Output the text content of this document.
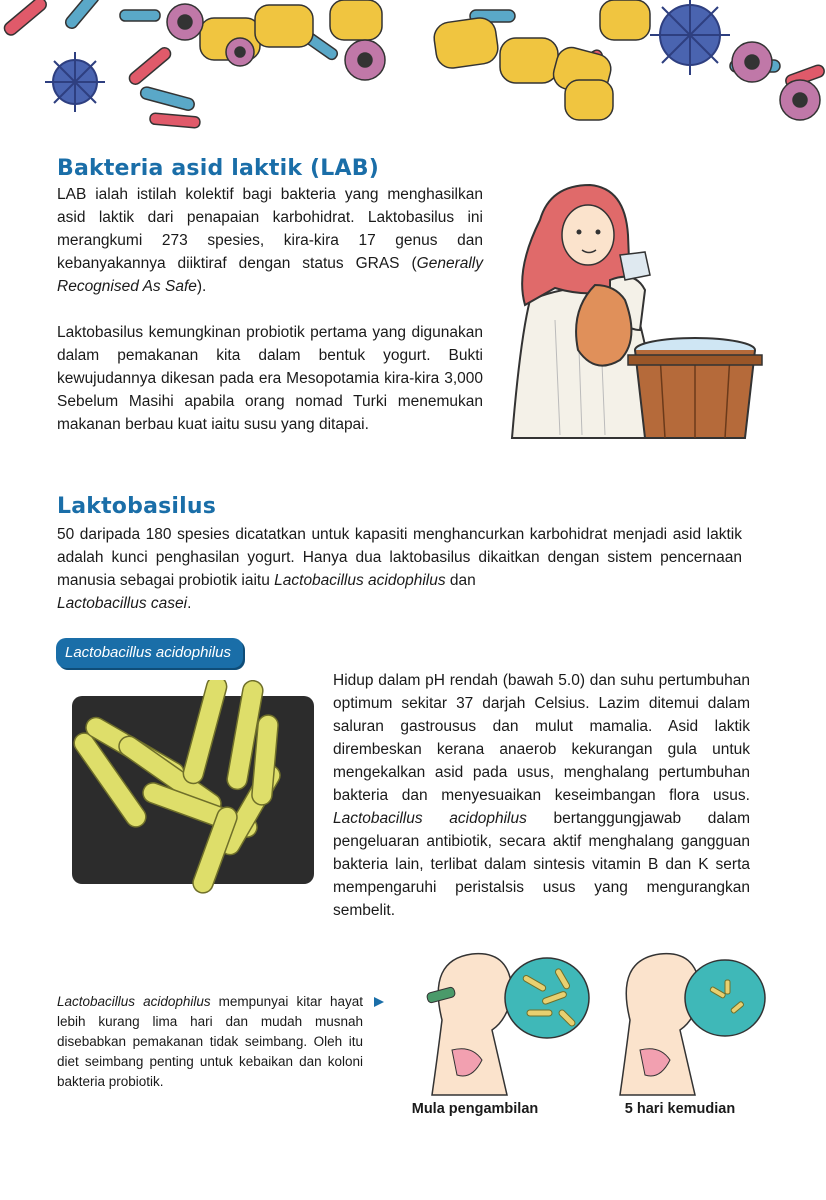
Bakteria asid laktik (LAB)
LAB ialah istilah kolektif bagi bakteria yang menghasilkan asid laktik dari penapaian karbohidrat. Laktobasilus ini merangkumi 273 spesies, kira-kira 17 genus dan kebanyakannya diiktiraf dengan status GRAS (Generally Recognised As Safe).
Laktobasilus kemungkinan probiotik pertama yang digunakan dalam pemakanan kita dalam bentuk yogurt. Bukti kewujudannya dikesan pada era Mesopotamia kira-kira 3,000 Sebelum Masihi apabila orang nomad Turki menemukan makanan berbau kuat iaitu susu yang ditapai.
Laktobasilus
50 daripada 180 spesies dicatatkan untuk kapasiti menghancurkan karbohidrat menjadi asid laktik adalah kunci penghasilan yogurt. Hanya dua laktobasilus dikaitkan dengan sistem pencernaan manusia sebagai probiotik iaitu Lactobacillus acidophilus dan
Lactobacillus casei.
Lactobacillus acidophilus
Hidup dalam pH rendah (bawah 5.0) dan suhu pertumbuhan optimum sekitar 37 darjah Celsius. Lazim ditemui dalam saluran gastrousus dan mulut mamalia. Asid laktik dirembeskan kerana anaerob kekurangan gula untuk mengekalkan asid pada usus, menghalang pertumbuhan bakteria dan menyesuaikan keseimbangan flora usus. Lactobacillus acidophilus bertanggungjawab dalam pengeluaran antibiotik, secara aktif menghalang gangguan bakteria lain, terlibat dalam sintesis vitamin B dan K serta mempengaruhi peristalsis usus yang mengurangkan sembelit.
Lactobacillus acidophilus mempunyai kitar hayat lebih kurang lima hari dan mudah musnah disebabkan pemakanan tidak seimbang. Oleh itu diet seimbang penting untuk kebaikan dan koloni bakteria probiotik.
Mula pengambilan	5 hari kemudian
